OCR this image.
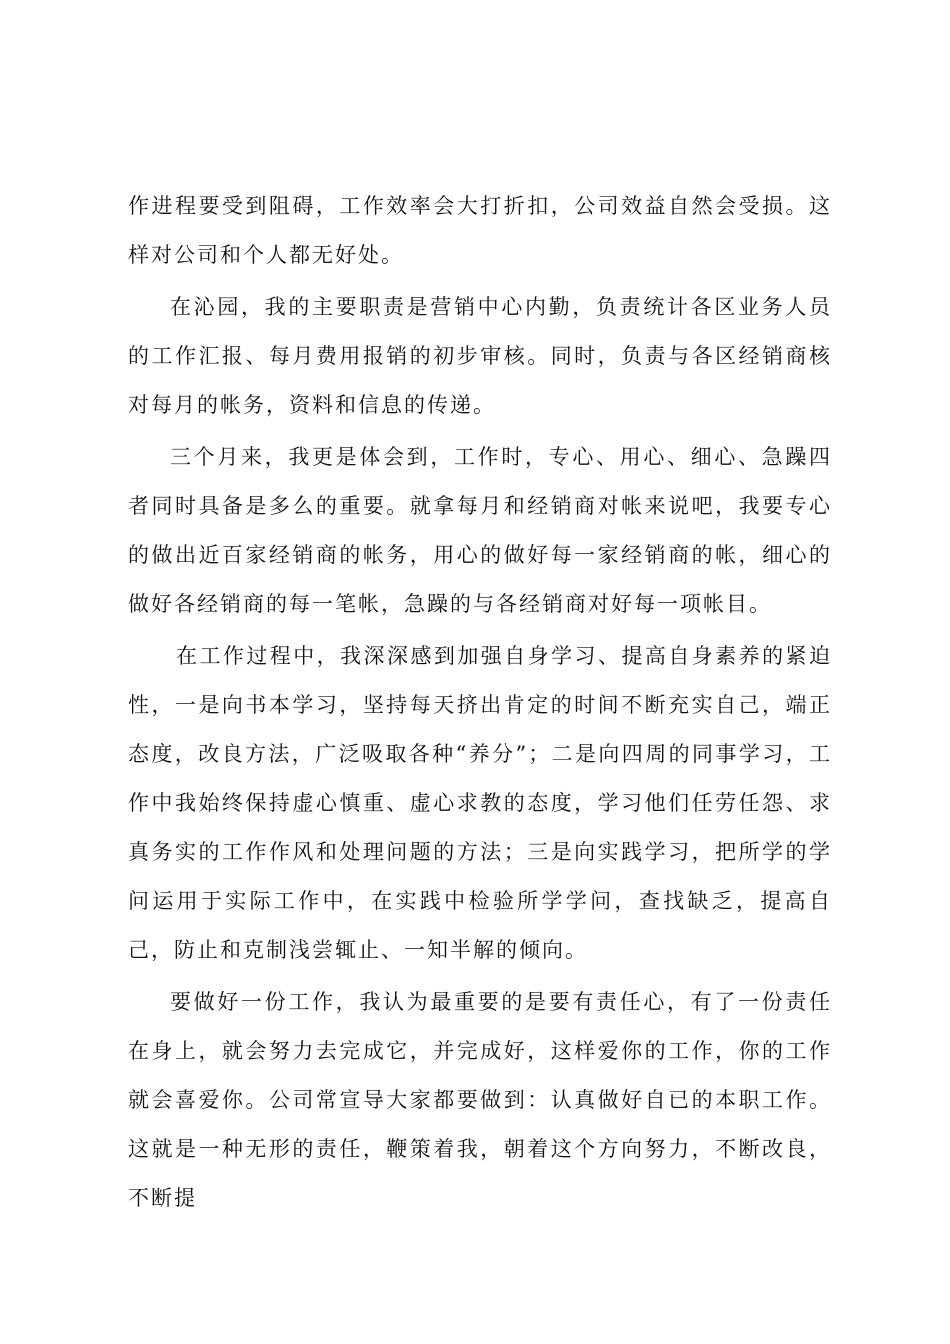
作进程要受到阻碍，工作效率会大打折扣，公司效益自然会受损。这样对公司和个人都无好处。

在沁园，我的主要职责是营销中心内勤，负责统计各区业务人员的工作汇报、每月费用报销的初步审核。同时，负责与各区经销商核对每月的帐务，资料和信息的传递。

三个月来，我更是体会到，工作时，专心、用心、细心、急躁四者同时具备是多么的重要。就拿每月和经销商对帐来说吧，我要专心的做出近百家经销商的帐务，用心的做好每一家经销商的帐，细心的做好各经销商的每一笔帐，急躁的与各经销商对好每一项帐目。

在工作过程中，我深深感到加强自身学习、提高自身素养的紧迫性，一是向书本学习，坚持每天挤出肯定的时间不断充实自己，端正态度，改良方法，广泛吸取各种“养分”；二是向四周的同事学习，工作中我始终保持虚心慎重、虚心求教的态度，学习他们任劳任怨、求真务实的工作作风和处理问题的方法；三是向实践学习，把所学的学问运用于实际工作中，在实践中检验所学学问，查找缺乏，提高自己，防止和克制浅尝辄止、一知半解的倾向。

要做好一份工作，我认为最重要的是要有责任心，有了一份责任在身上，就会努力去完成它，并完成好，这样爱你的工作，你的工作就会喜爱你。公司常宣导大家都要做到：认真做好自已的本职工作。这就是一种无形的责任，鞭策着我，朝着这个方向努力，不断改良，不断提
